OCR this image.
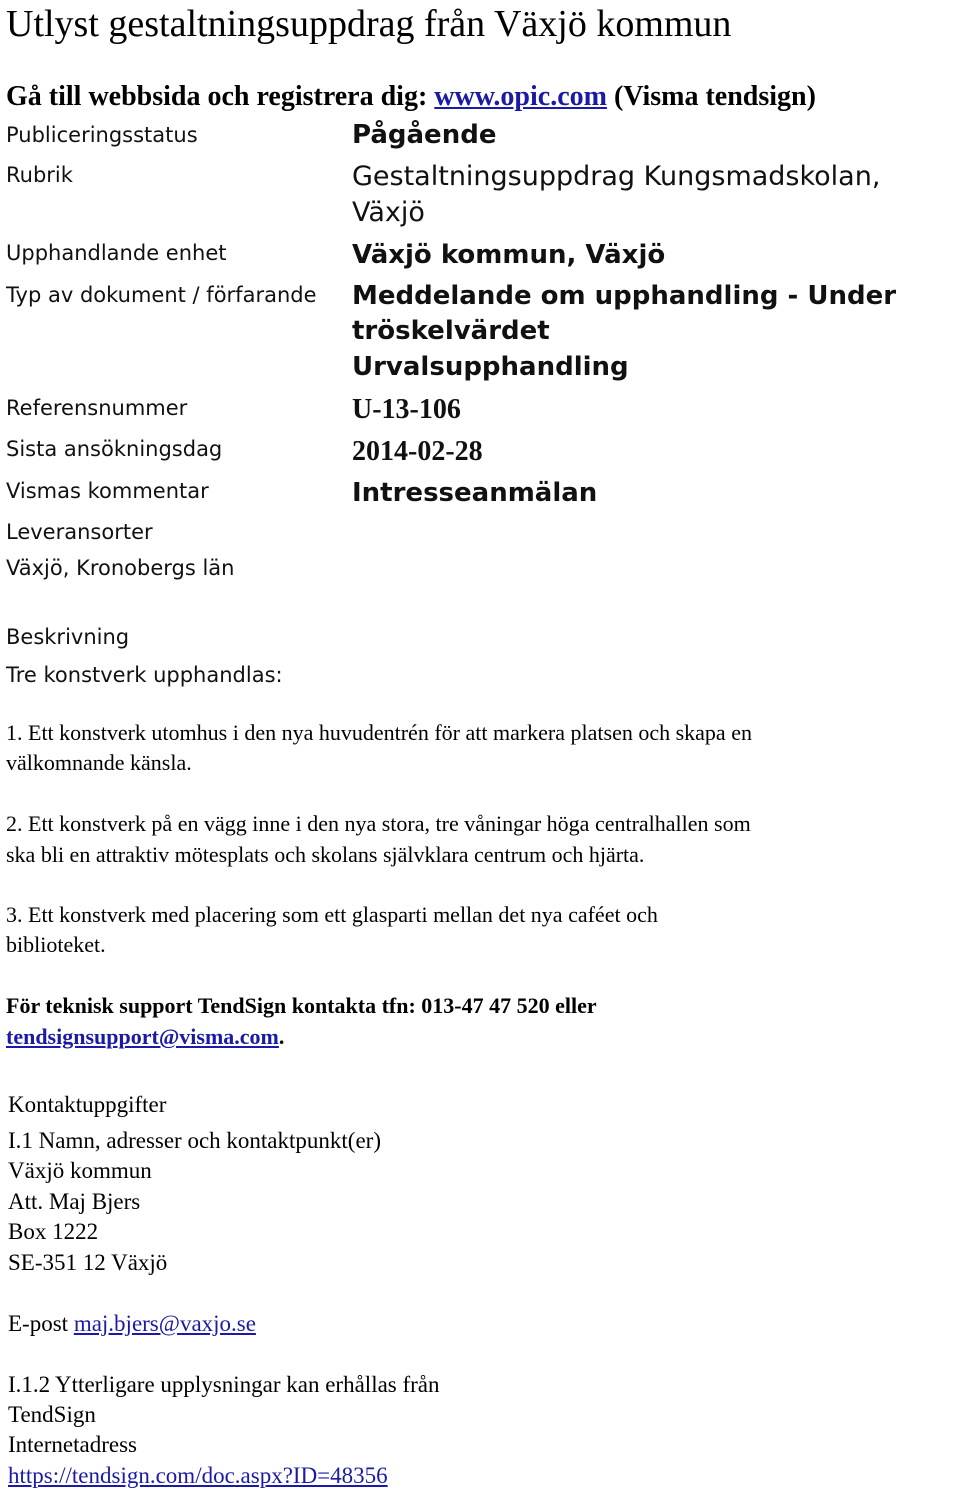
Utlyst gestaltningsuppdrag från Växjö kommun
Gå till webbsida och registrera dig: www.opic.com (Visma tendsign)
Publiceringsstatus
Rubrik
Upphandlande enhet
Typ av dokument / förfarande
Referensnummer
Sista ansökningsdag
Vismas kommentar
Pågående
Gestaltningsuppdrag Kungsmadskolan,
Växjö
Växjö kommun, Växjö
Meddelande om upphandling - Under
tröskelvärdet
Urvalsupphandling
U-13-106
2014-02-28
Intresseanmälan
Leveransorter
Växjö, Kronobergs län
Beskrivning
Tre konstverk upphandlas:
1. Ett konstverk utomhus i den nya huvudentrén för att markera platsen och skapa en
välkomnande känsla.
2. Ett konstverk på en vägg inne i den nya stora, tre våningar höga centralhallen som
ska bli en attraktiv mötesplats och skolans självklara centrum och hjärta.
3. Ett konstverk med placering som ett glasparti mellan det nya caféet och
biblioteket.
För teknisk support TendSign kontakta tfn: 013-47 47 520 eller
tendsignsupport@visma.com.
Kontaktuppgifter
I.1 Namn, adresser och kontaktpunkt(er)
Växjö kommun
Att. Maj Bjers
Box 1222
SE-351 12 Växjö
E-post maj.bjers@vaxjo.se
I.1.2 Ytterligare upplysningar kan erhållas från
TendSign
Internetadress
https://tendsign.com/doc.aspx?ID=48356
